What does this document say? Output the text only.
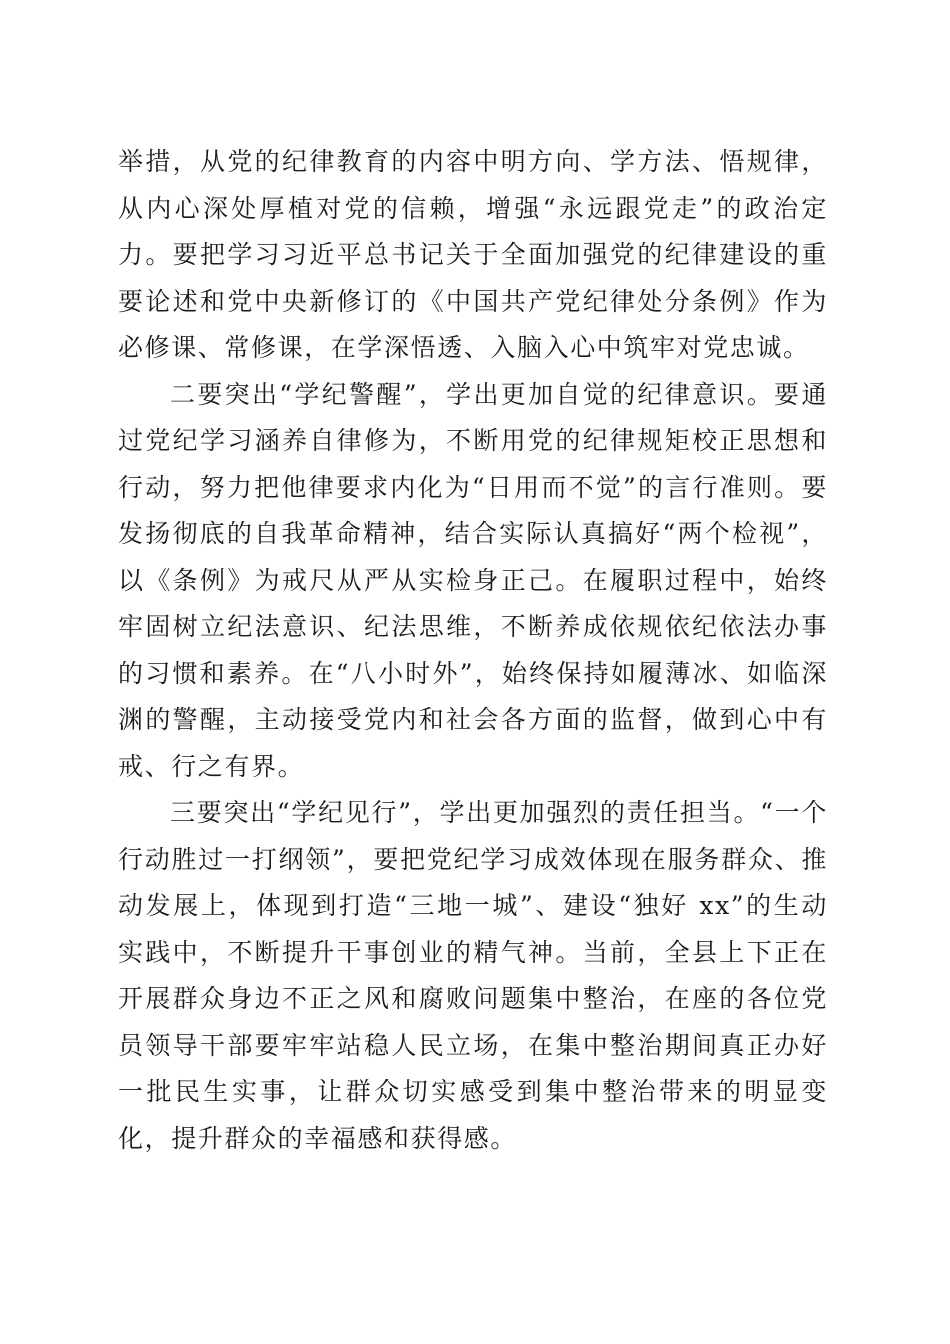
举措，从党的纪律教育的内容中明方向、学方法、悟规律，从内心深处厚植对党的信赖，增强“永远跟党走”的政治定力。要把学习习近平总书记关于全面加强党的纪律建设的重要论述和党中央新修订的《中国共产党纪律处分条例》作为必修课、常修课，在学深悟透、入脑入心中筑牢对党忠诚。

二要突出“学纪警醒”，学出更加自觉的纪律意识。要通过党纪学习涵养自律修为，不断用党的纪律规矩校正思想和行动，努力把他律要求内化为“日用而不觉”的言行准则。要发扬彻底的自我革命精神，结合实际认真搞好“两个检视”，以《条例》为戒尺从严从实检身正己。在履职过程中，始终牢固树立纪法意识、纪法思维，不断养成依规依纪依法办事的习惯和素养。在“八小时外”，始终保持如履薄冰、如临深渊的警醒，主动接受党内和社会各方面的监督，做到心中有戒、行之有界。

三要突出“学纪见行”，学出更加强烈的责任担当。“一个行动胜过一打纲领”，要把党纪学习成效体现在服务群众、推动发展上，体现到打造“三地一城”、建设“独好 xx”的生动实践中，不断提升干事创业的精气神。当前，全县上下正在开展群众身边不正之风和腐败问题集中整治，在座的各位党员领导干部要牢牢站稳人民立场，在集中整治期间真正办好一批民生实事，让群众切实感受到集中整治带来的明显变化，提升群众的幸福感和获得感。
